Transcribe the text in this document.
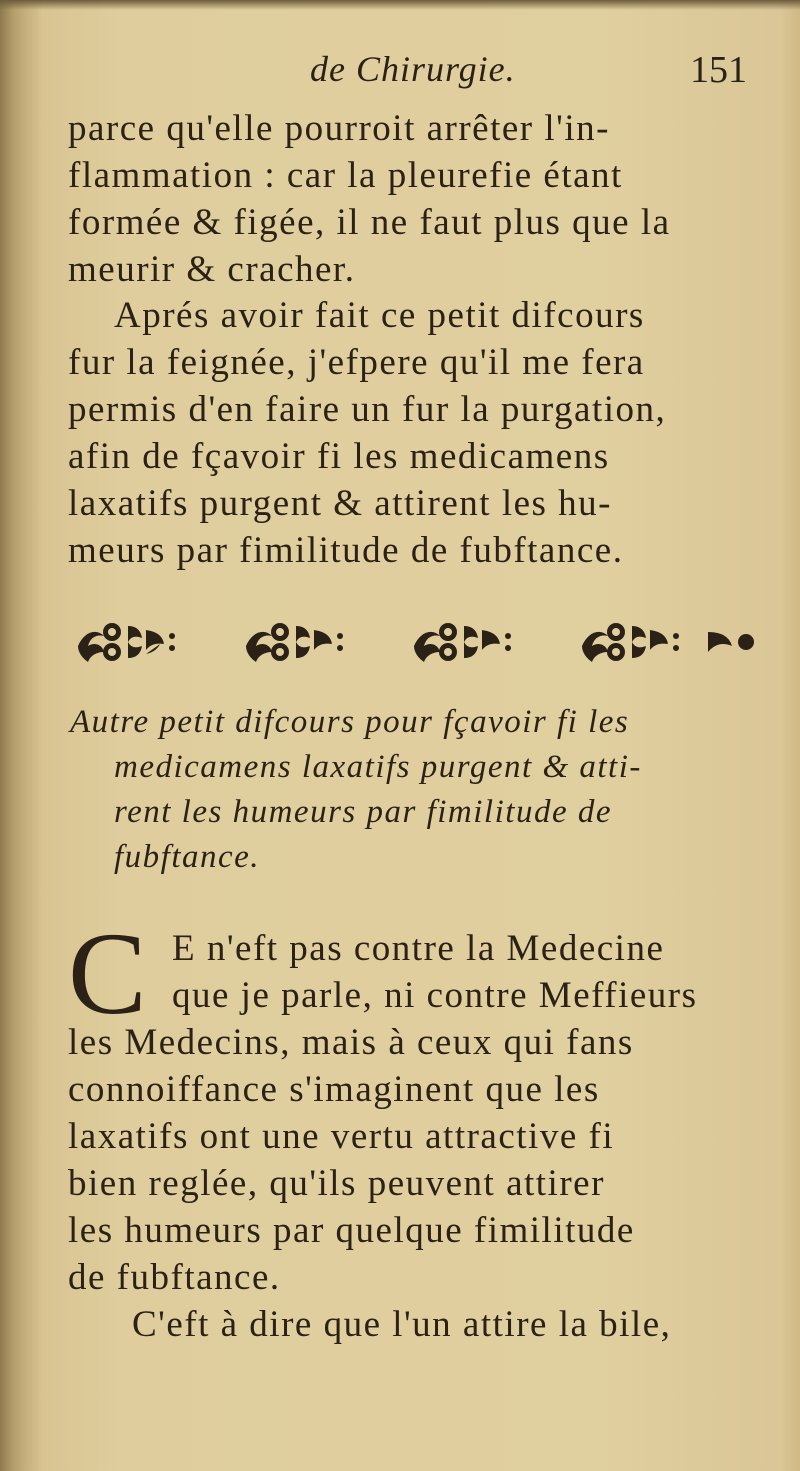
de Chirurgie.	151
parce qu'elle pourroit arrêter l'in-
flammation : car la pleurefie étant
formée & figée, il ne faut plus que la
meurir & cracher.
Aprés avoir fait ce petit difcours
fur la feignée, j'efpere qu'il me fera
permis d'en faire un fur la purgation,
afin de fçavoir fi les medicamens
laxatifs purgent & attirent les hu-
meurs par fimilitude de fubftance.
Autre petit difcours pour fçavoir fi les
medicamens laxatifs purgent & atti-
rent les humeurs par fimilitude de
fubftance.
C E n'eft pas contre la Medecine
que je parle, ni contre Meffieurs
les Medecins, mais à ceux qui fans
connoiffance s'imaginent que les
laxatifs ont une vertu attractive fi
bien reglée, qu'ils peuvent attirer
les humeurs par quelque fimilitude
de fubftance.
C'eft à dire que l'un attire la bile,
